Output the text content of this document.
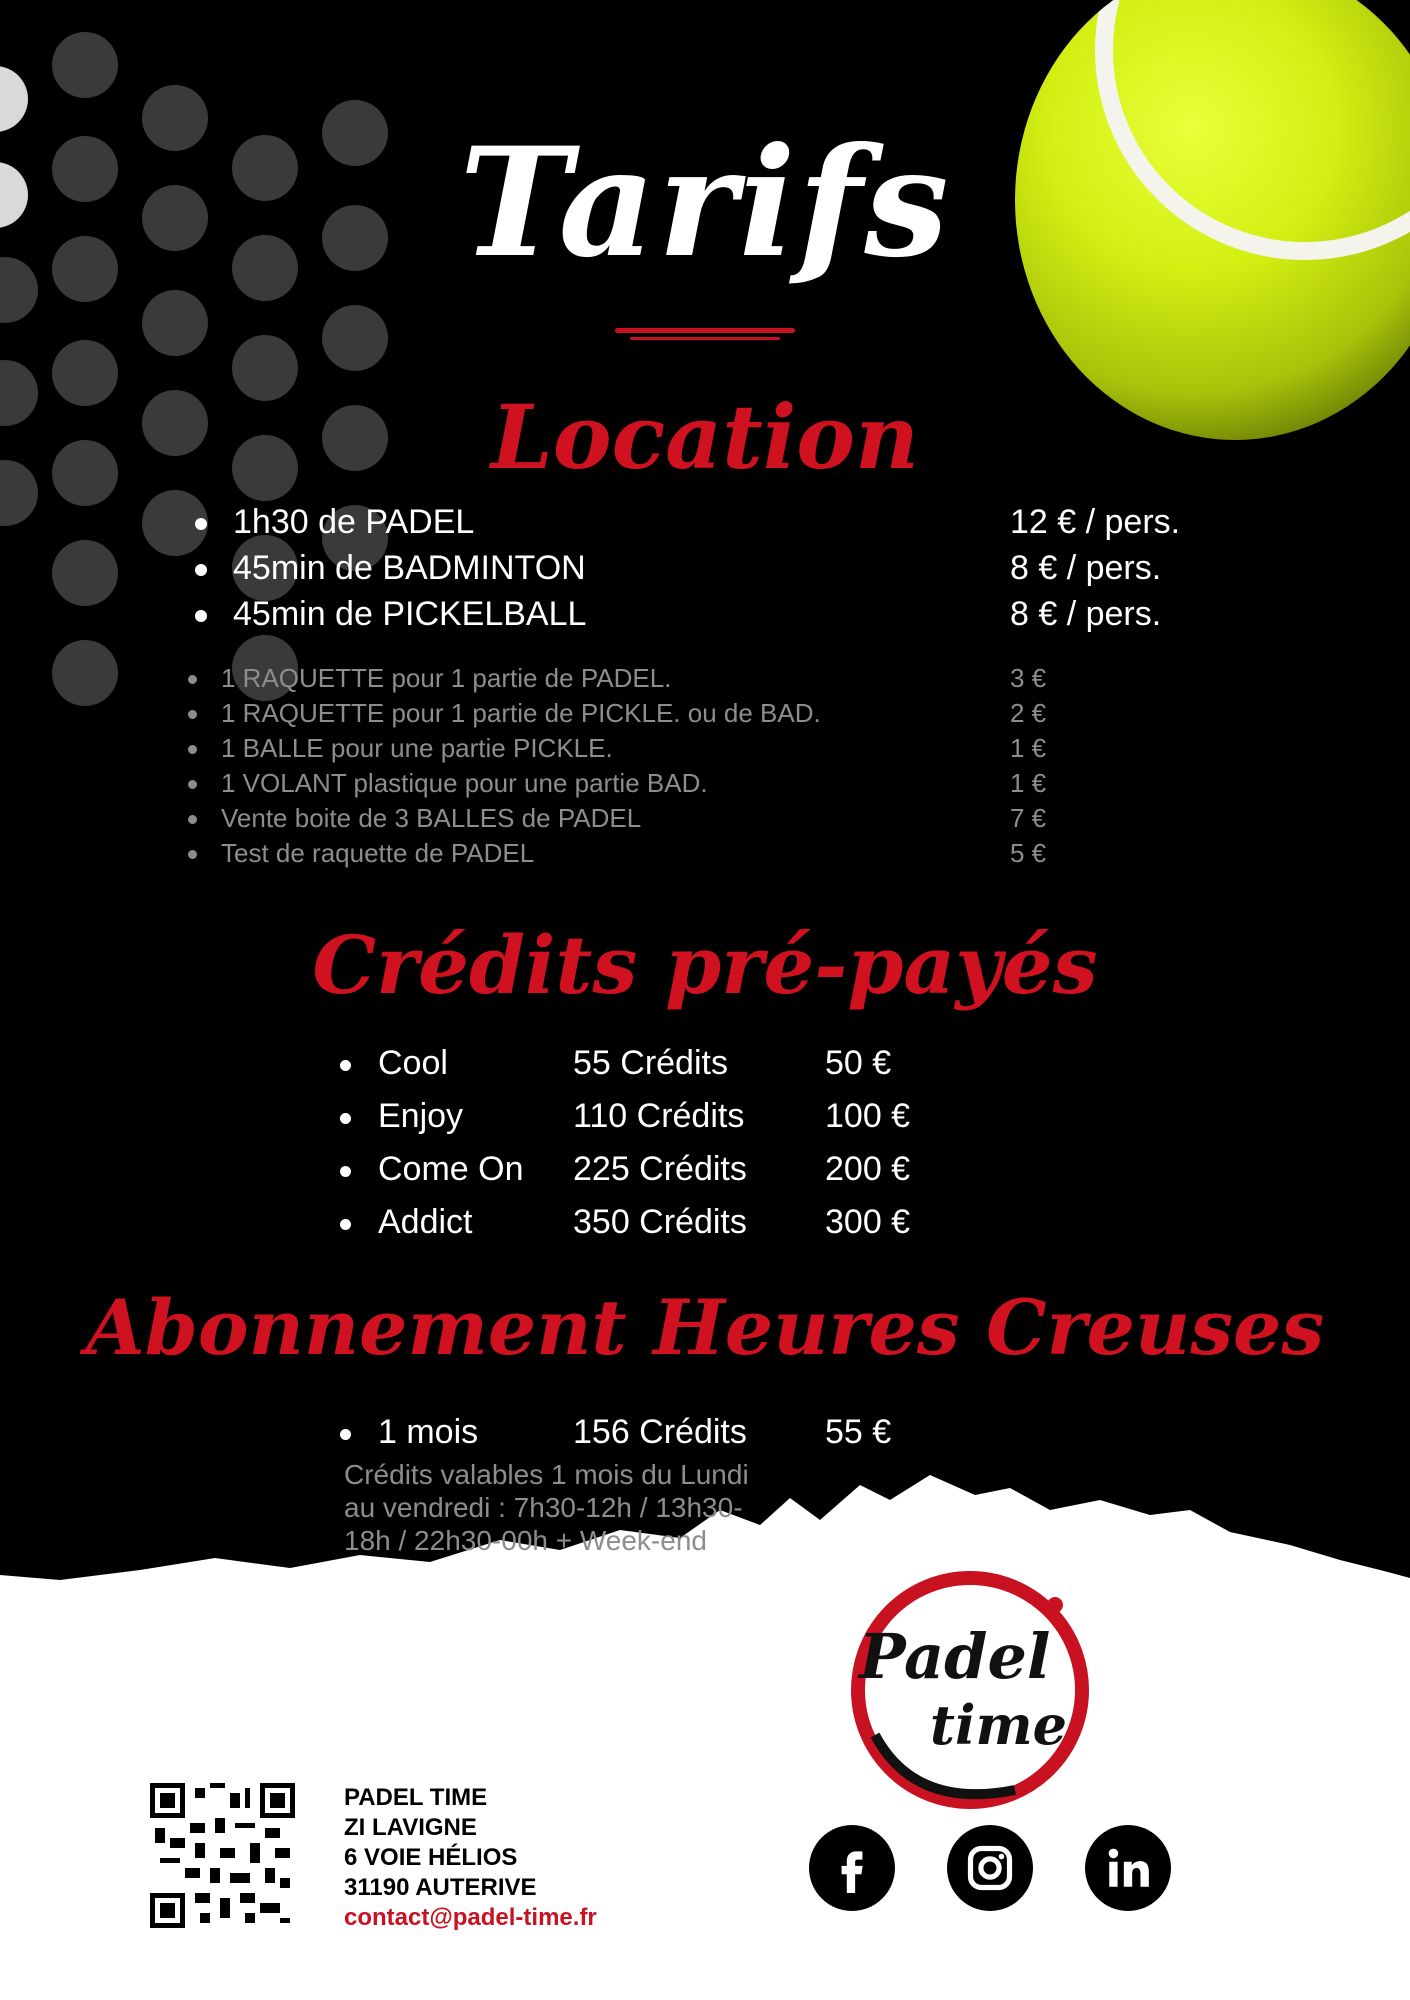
Tarifs
Location
1h30 de PADEL	12 € / pers.
45min de BADMINTON	8 € / pers.
45min de PICKELBALL	8 € / pers.
1 RAQUETTE pour 1 partie de PADEL.	3 €
1 RAQUETTE pour 1 partie de PICKLE. ou de BAD.	2 €
1 BALLE pour une partie PICKLE.	1 €
1 VOLANT plastique pour une partie BAD.	1 €
Vente boite de 3 BALLES de PADEL	7 €
Test de raquette de PADEL	5 €
Crédits pré-payés
Cool	55 Crédits	50 €
Enjoy	110 Crédits 100 €
Come On 225 Crédits 200 €
Addict	350 Crédits 300 €
Abonnement Heures Creuses
1 mois	156 Crédits 55 €
Crédits valables 1 mois du Lundi au vendredi : 7h30-12h / 13h30-18h / 22h30-00h + Week-end
Padel
time
PADEL TIME
ZI LAVIGNE
6 VOIE HÉLIOS
31190 AUTERIVE
contact@padel-time.fr
